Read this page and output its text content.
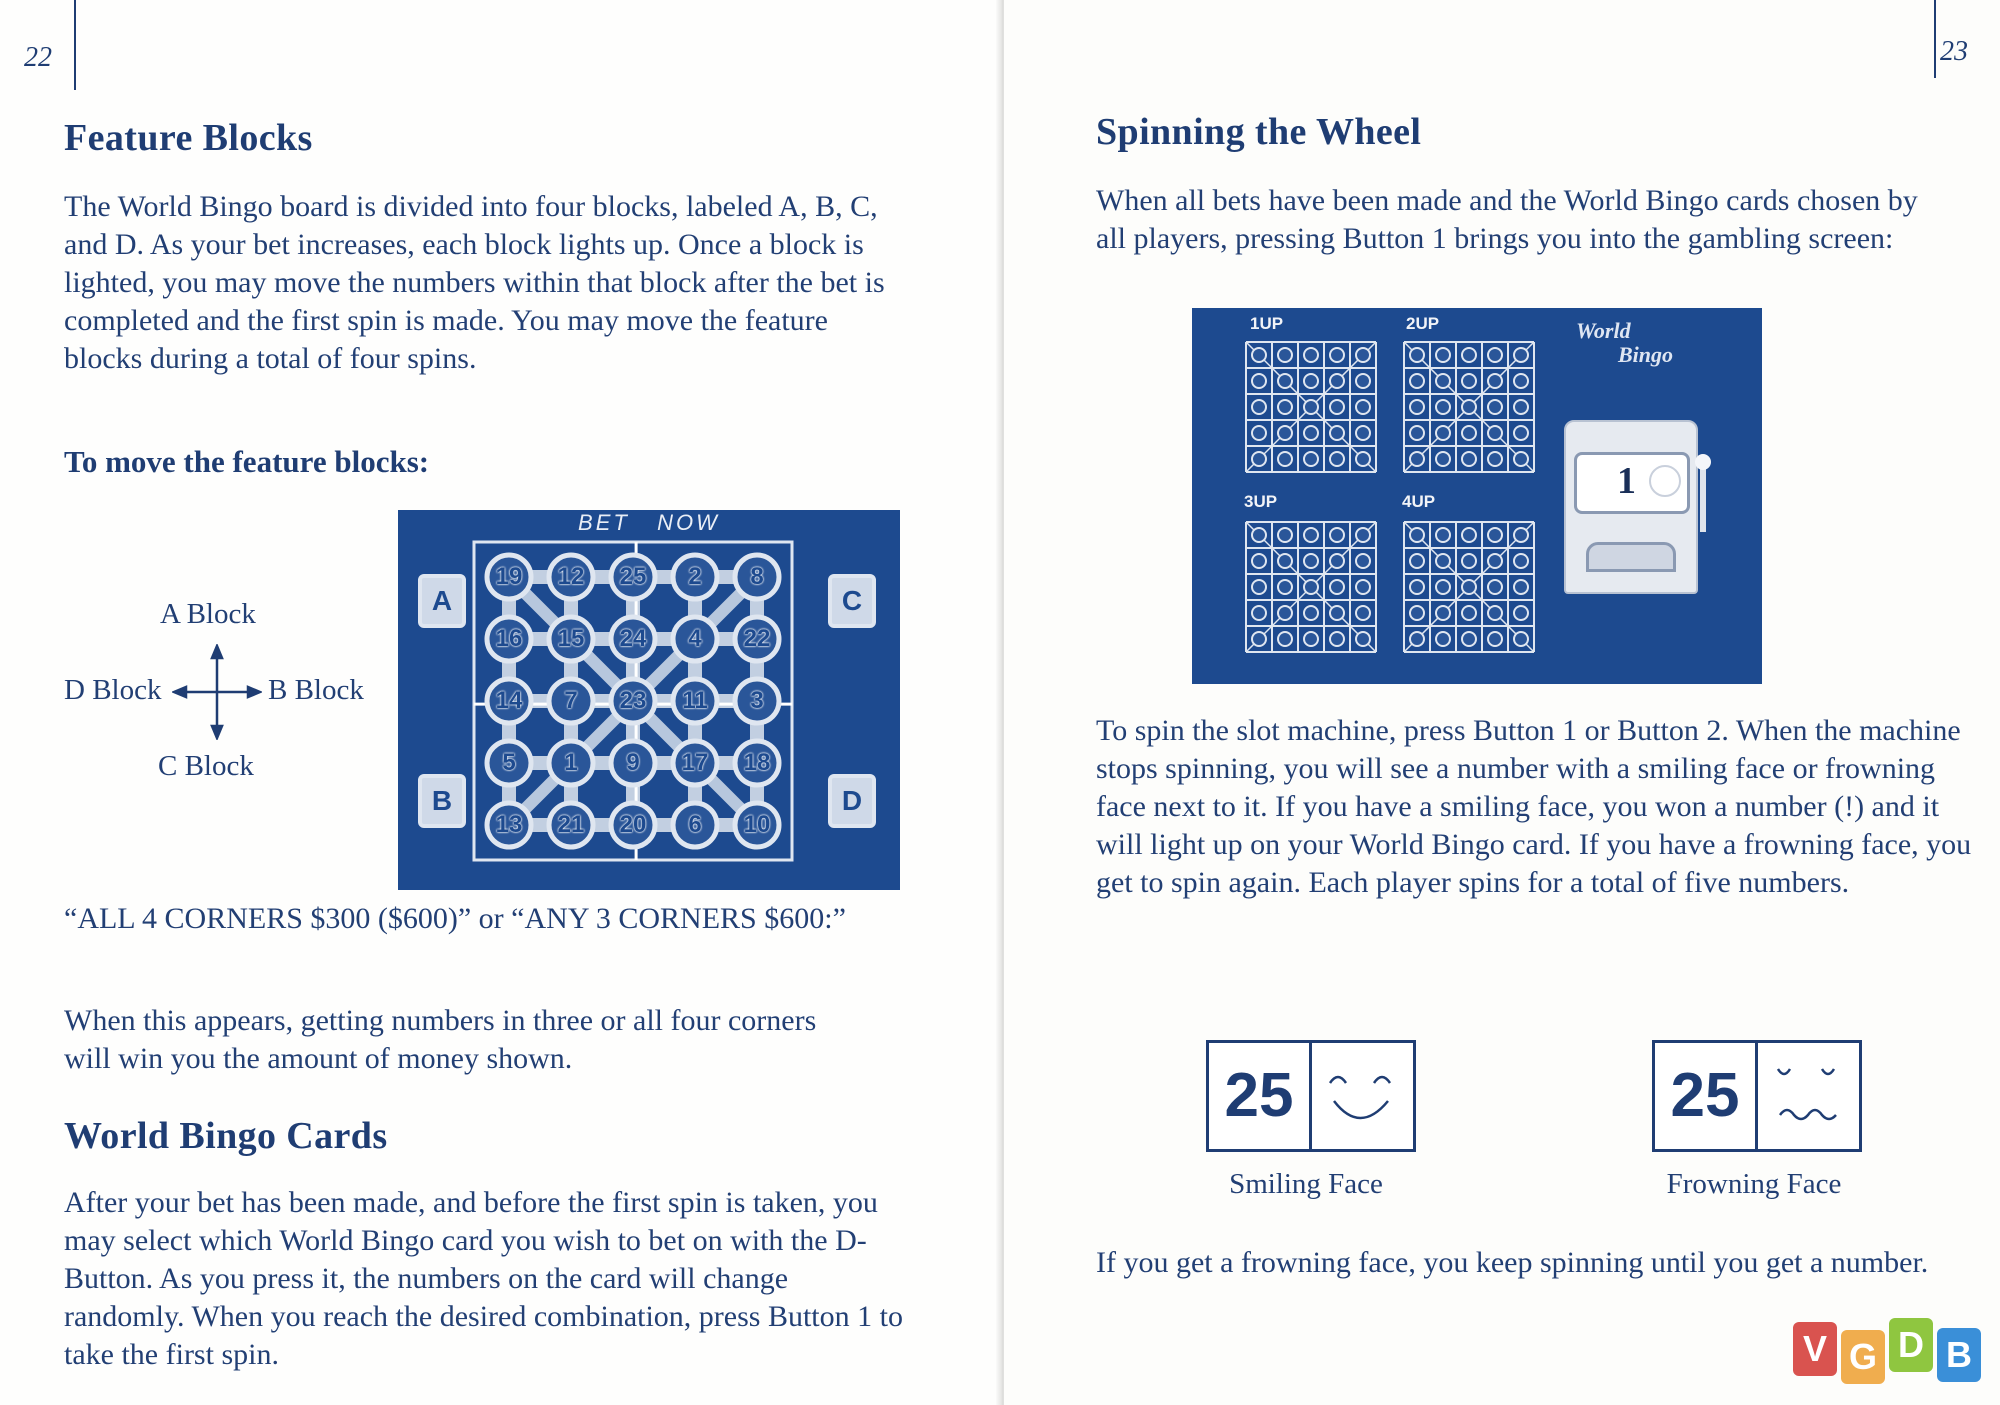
22
Feature Blocks

The World Bingo board is divided into four blocks, labeled A, B, C, and D. As your bet increases, each block lights up. Once a block is lighted, you may move the numbers within that block after the bet is completed and the first spin is made. You may move the feature blocks during a total of four spins.

To move the feature blocks:
A Block
D Block	B Block
C Block
BET   NOW
A	C
B	D
19	12	25	2	8
16	15	24	4	22
14	7	23	11	3
5	1	9	17	18
13	21	20	6	10

“ALL 4 CORNERS $300 ($600)” or “ANY 3 CORNERS $600:”

When this appears, getting numbers in three or all four corners will win you the amount of money shown.

World Bingo Cards

After your bet has been made, and before the first spin is taken, you may select which World Bingo card you wish to bet on with the D-Button. As you press it, the numbers on the card will change randomly. When you reach the desired combination, press Button 1 to take the first spin.

23
Spinning the Wheel

When all bets have been made and the World Bingo cards chosen by all players, pressing Button 1 brings you into the gambling screen:

1UP	2UP
3UP	4UP
World
Bingo
1

To spin the slot machine, press Button 1 or Button 2. When the machine stops spinning, you will see a number with a smiling face or frowning face next to it. If you have a smiling face, you won a number (!) and it will light up on your World Bingo card. If you have a frowning face, you get to spin again. Each player spins for a total of five numbers.

25
Smiling Face
25
Frowning Face

If you get a frowning face, you keep spinning until you get a number.

V G D B
